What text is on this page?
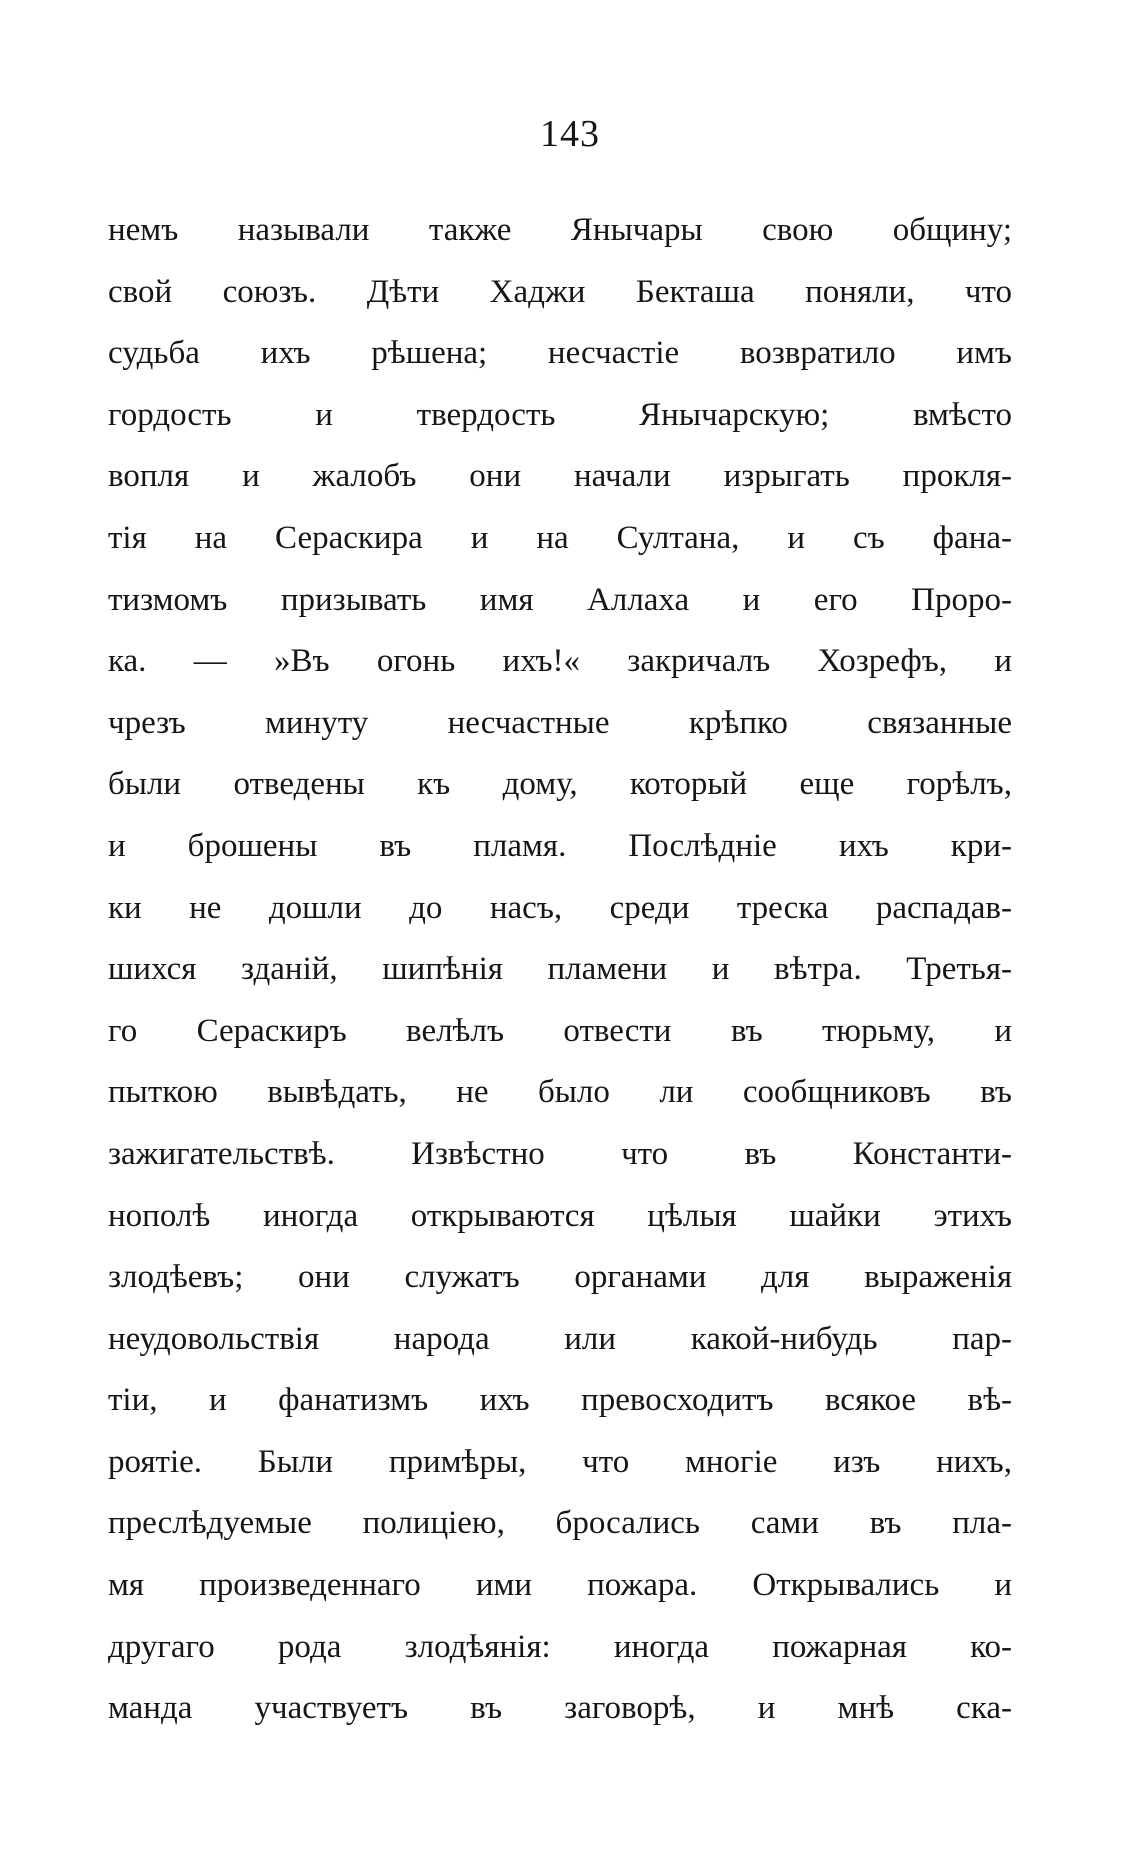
143
немъ называли также Янычары свою общину;
свой союзъ. Дѣти Хаджи Бекташа поняли, что
судьба ихъ рѣшена; несчастіе возвратило имъ
гордость и твердость Янычарскую; вмѣсто
вопля и жалобъ они начали изрыгать прокля-
тія на Сераскира и на Султана, и съ фана-
тизмомъ призывать имя Аллаха и его Проро-
ка. — »Въ огонь ихъ!« закричалъ Хозрефъ, и
чрезъ минуту несчастные крѣпко связанные
были отведены къ дому, который еще горѣлъ,
и брошены въ пламя. Послѣдніе ихъ кри-
ки не дошли до насъ, среди треска распадав-
шихся зданій, шипѣнія пламени и вѣтра. Третья-
го Сераскиръ велѣлъ отвести въ тюрьму, и
пыткою вывѣдать, не было ли сообщниковъ въ
зажигательствѣ. Извѣстно что въ Константи-
нополѣ иногда открываются цѣлыя шайки этихъ
злодѣевъ; они служатъ органами для выраженія
неудовольствія народа или какой-нибудь пар-
тіи, и фанатизмъ ихъ превосходитъ всякое вѣ-
роятіе. Были примѣры, что многіе изъ нихъ,
преслѣдуемые полиціею, бросались сами въ пла-
мя произведеннаго ими пожара. Открывались и
другаго рода злодѣянія: иногда пожарная ко-
манда участвуетъ въ заговорѣ, и мнѣ ска-
